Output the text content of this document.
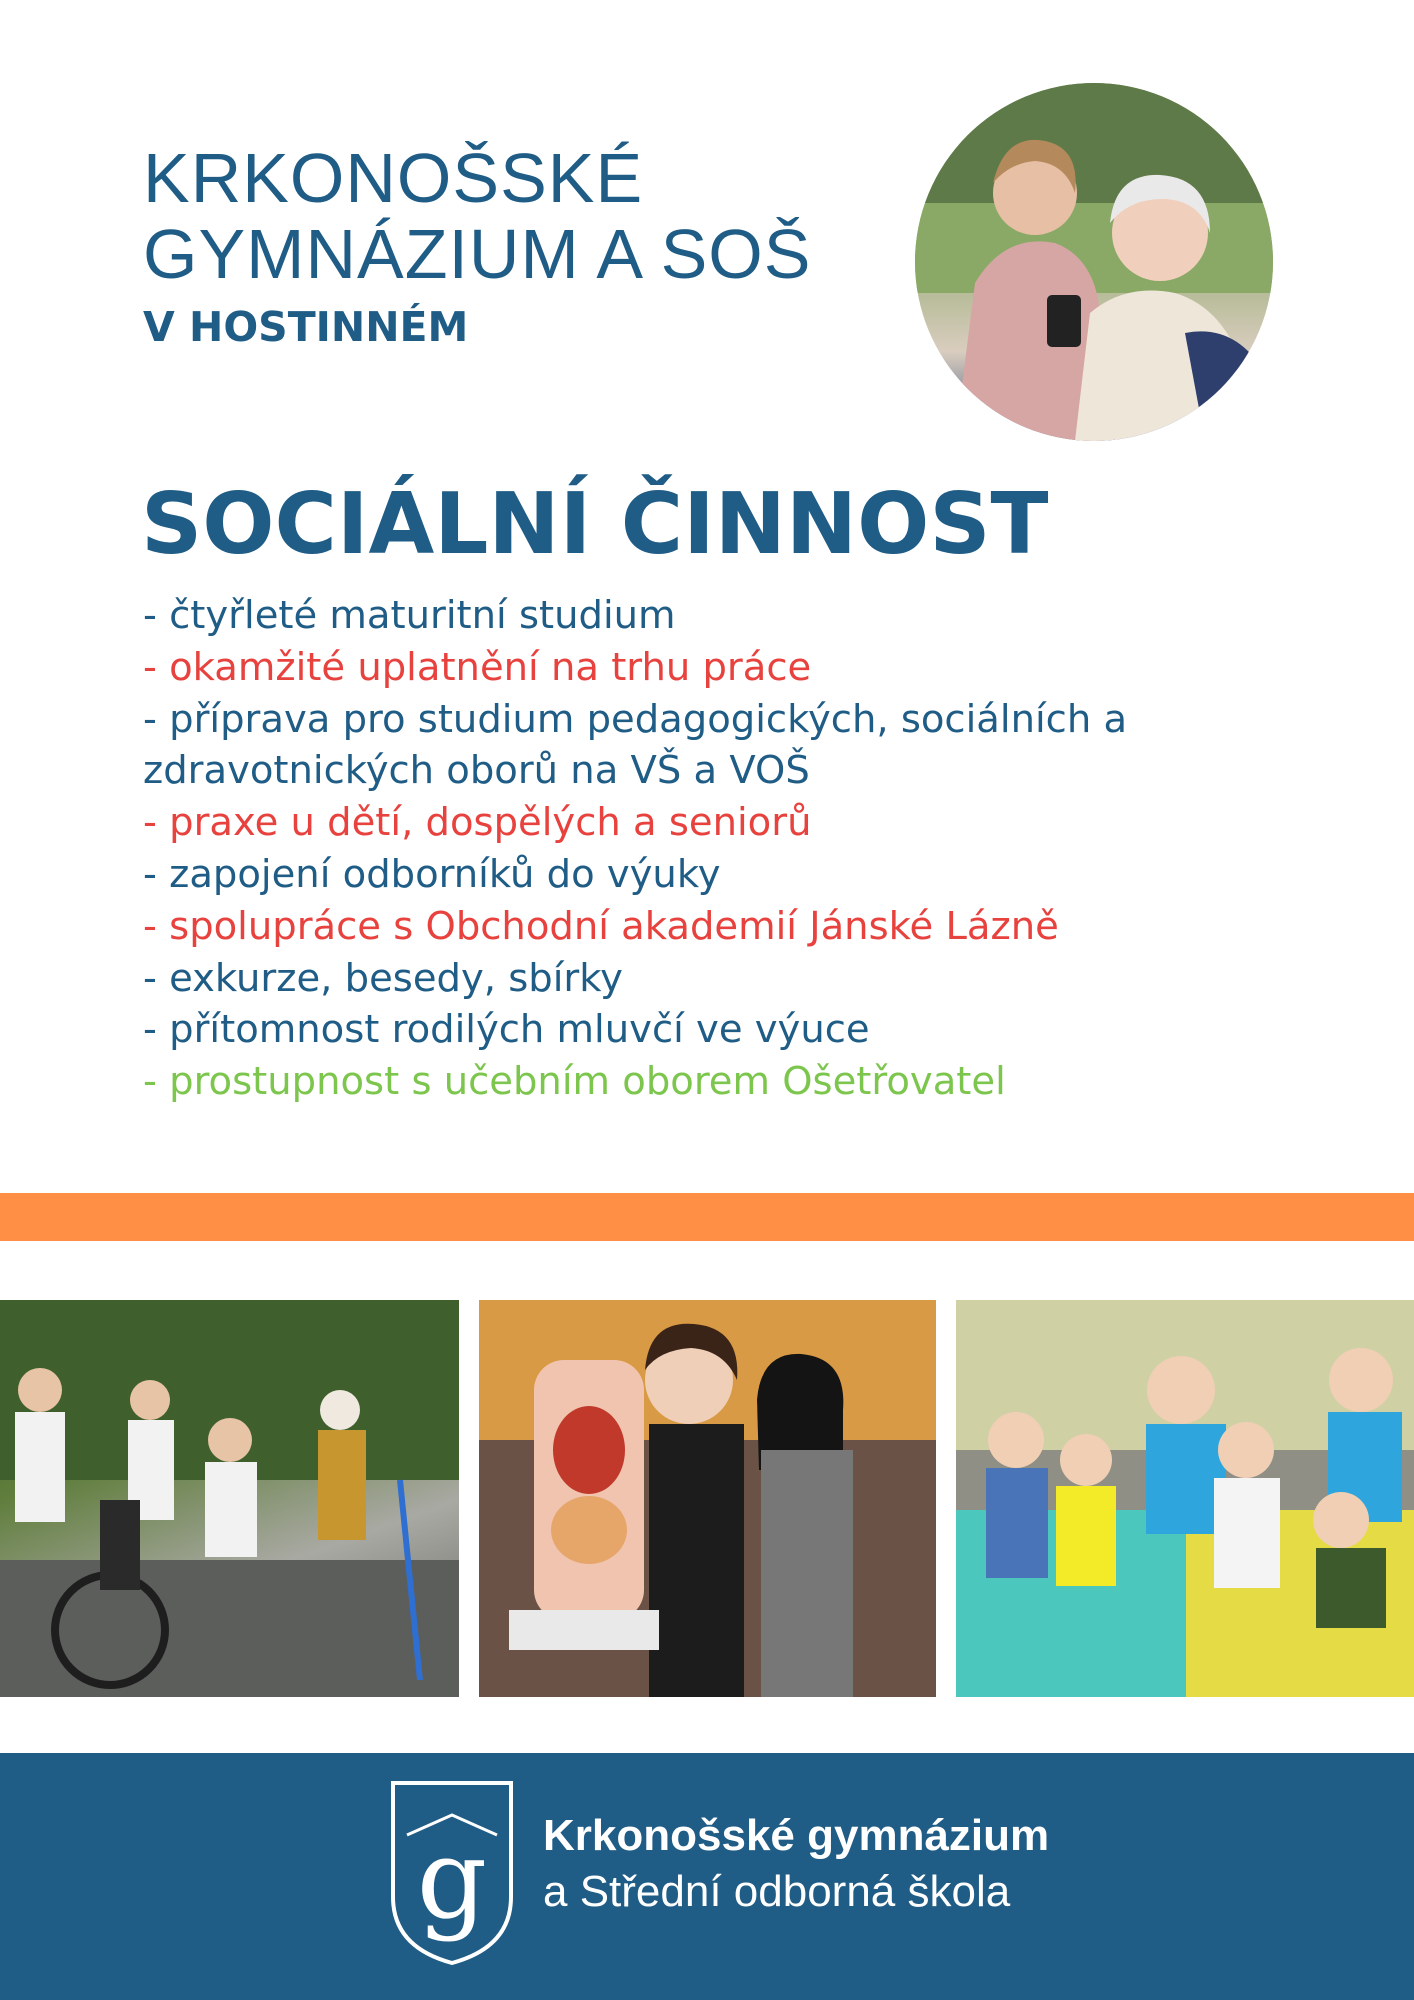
KRKONOŠSKÉ
GYMNÁZIUM A SOŠ
V HOSTINNÉM
SOCIÁLNÍ ČINNOST
- čtyřleté maturitní studium
- okamžité uplatnění na trhu práce
- příprava pro studium pedagogických, sociálních a zdravotnických oborů na VŠ a VOŠ
- praxe u dětí, dospělých a seniorů
- zapojení odborníků do výuky
- spolupráce s Obchodní akademií Jánské Lázně
- exkurze, besedy, sbírky
- přítomnost rodilých mluvčí ve výuce
- prostupnost s učebním oborem Ošetřovatel
g Krkonošské gymnázium
a Střední odborná škola
